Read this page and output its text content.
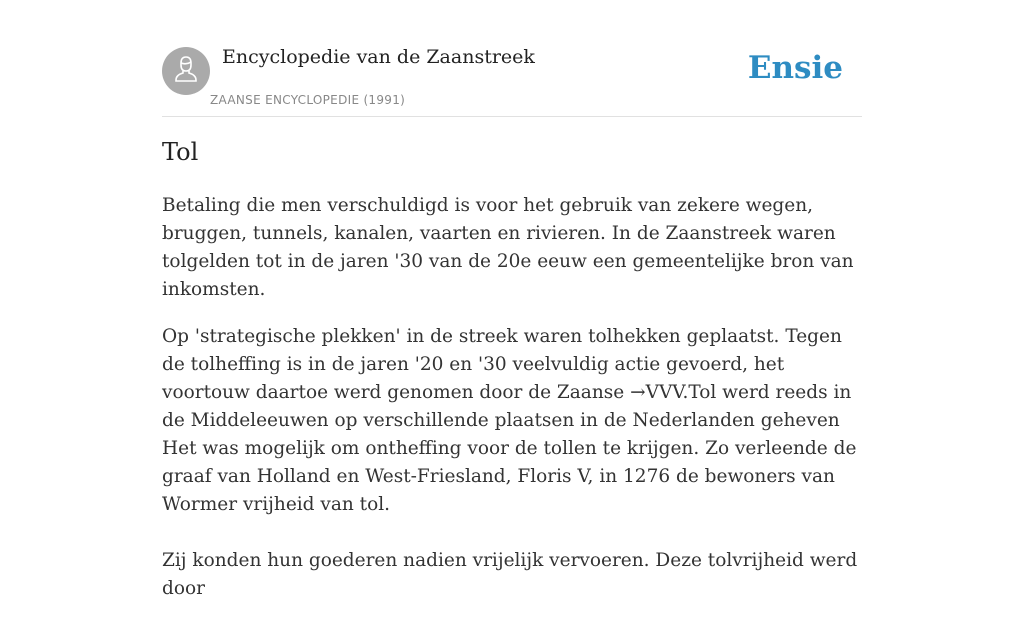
Encyclopedie van de Zaanstreek
ZAANSE ENCYCLOPEDIE (1991)
Ensie
Tol

Betaling die men verschuldigd is voor het gebruik van zekere wegen, bruggen, tunnels, kanalen, vaarten en rivieren. In de Zaanstreek waren tolgelden tot in de jaren '30 van de 20e eeuw een gemeentelijke bron van inkomsten.

Op 'strategische plekken' in de streek waren tolhekken geplaatst. Tegen de tolheffing is in de jaren '20 en '30 veelvuldig actie gevoerd, het voortouw daartoe werd genomen door de Zaanse →VVV.Tol werd reeds in de Middeleeuwen op verschillende plaatsen in de Nederlanden geheven Het was mogelijk om ontheffing voor de tollen te krijgen. Zo verleende de graaf van Holland en West-Friesland, Floris V, in 1276 de bewoners van Wormer vrijheid van tol.

Zij konden hun goederen nadien vrijelijk vervoeren. Deze tolvrijheid werd door
